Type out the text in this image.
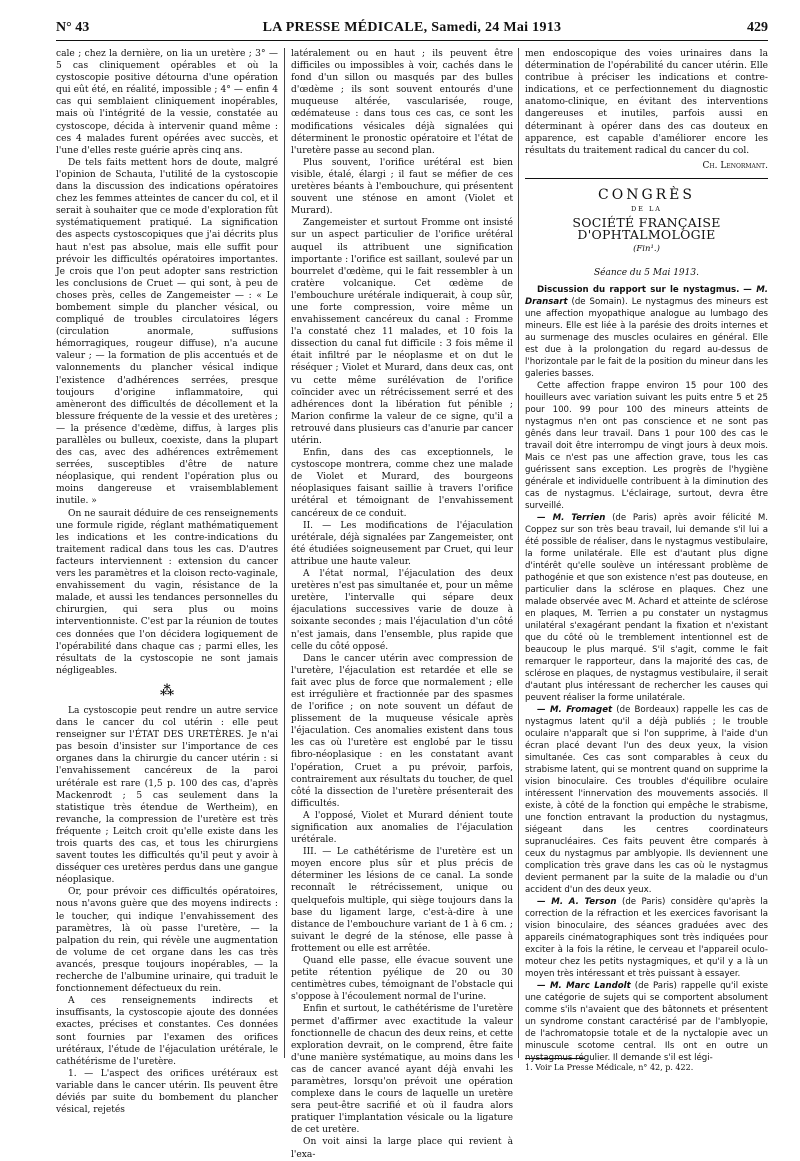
N° 43	LA PRESSE MÉDICALE, Samedi, 24 Mai 1913	429

cale ; chez la dernière, on lia un uretère ; 3° — 5 cas cliniquement opérables et où la cystoscopie positive détourna d'une opération qui eût été, en réalité, impossible ; 4° — enfin 4 cas qui semblaient cliniquement inopérables, mais où l'intégrité de la vessie, constatée au cystoscope, décida à intervenir quand même : ces 4 malades furent opérées avec succès, et l'une d'elles reste guérie après cinq ans.

De tels faits mettent hors de doute, malgré l'opinion de Schauta, l'utilité de la cystoscopie dans la discussion des indications opératoires chez les femmes atteintes de cancer du col, et il serait à souhaiter que ce mode d'exploration fût systématiquement pratiqué. La signification des aspects cystoscopiques que j'ai décrits plus haut n'est pas absolue, mais elle suffit pour prévoir les difficultés opératoires importantes. Je crois que l'on peut adopter sans restriction les conclusions de Cruet — qui sont, à peu de choses près, celles de Zangemeister — : « Le bombement simple du plancher vésical, ou compliqué de troubles circulatoires légers (circulation anormale, suffusions hémorragiques, rougeur diffuse), n'a aucune valeur ; — la formation de plis accentués et de valonnements du plancher vésical indique l'existence d'adhérences serrées, presque toujours d'origine inflammatoire, qui amèneront des difficultés de décollement et la blessure fréquente de la vessie et des uretères ; — la présence d'œdème, diffus, à larges plis parallèles ou bulleux, coexiste, dans la plupart des cas, avec des adhérences extrêmement serrées, susceptibles d'être de nature néoplasique, qui rendent l'opération plus ou moins dangereuse et vraisemblablement inutile. »

On ne saurait déduire de ces renseignements une formule rigide, réglant mathématiquement les indications et les contre-indications du traitement radical dans tous les cas. D'autres facteurs interviennent : extension du cancer vers les paramètres et la cloison recto-vaginale, envahissement du vagin, résistance de la malade, et aussi les tendances personnelles du chirurgien, qui sera plus ou moins interventionniste. C'est par la réunion de toutes ces données que l'on décidera logiquement de l'opérabilité dans chaque cas ; parmi elles, les résultats de la cystoscopie ne sont jamais négligeables.

⁂

La cystoscopie peut rendre un autre service dans le cancer du col utérin : elle peut renseigner sur l'ÉTAT DES URETÈRES. Je n'ai pas besoin d'insister sur l'importance de ces organes dans la chirurgie du cancer utérin : si l'envahissement cancéreux de la paroi urétérale est rare (1,5 p. 100 des cas, d'après Mackenrodt ; 5 cas seulement dans la statistique très étendue de Wertheim), en revanche, la compression de l'uretère est très fréquente ; Leitch croit qu'elle existe dans les trois quarts des cas, et tous les chirurgiens savent toutes les difficultés qu'il peut y avoir à disséquer ces uretères perdus dans une gangue néoplasique.

Or, pour prévoir ces difficultés opératoires, nous n'avons guère que des moyens indirects : le toucher, qui indique l'envahissement des paramètres, là où passe l'uretère, — la palpation du rein, qui révèle une augmentation de volume de cet organe dans les cas très avancés, presque toujours inopérables, — la recherche de l'albumine urinaire, qui traduit le fonctionnement défectueux du rein.

A ces renseignements indirects et insuffisants, la cystoscopie ajoute des données exactes, précises et constantes. Ces données sont fournies par l'examen des orifices urétéraux, l'étude de l'éjaculation urétérale, le cathétérisme de l'uretère.

1. — L'aspect des orifices urétéraux est variable dans le cancer utérin. Ils peuvent être déviés par suite du bombement du plancher vésical, rejetés

latéralement ou en haut ; ils peuvent être difficiles ou impossibles à voir, cachés dans le fond d'un sillon ou masqués par des bulles d'œdème ; ils sont souvent entourés d'une muqueuse altérée, vascularisée, rouge, œdémateuse : dans tous ces cas, ce sont les modifications vésicales déjà signalées qui déterminent le pronostic opératoire et l'état de l'uretère passe au second plan.

Plus souvent, l'orifice urétéral est bien visible, étalé, élargi ; il faut se méfier de ces uretères béants à l'embouchure, qui présentent souvent une sténose en amont (Violet et Murard).

Zangemeister et surtout Fromme ont insisté sur un aspect particulier de l'orifice urétéral auquel ils attribuent une signification importante : l'orifice est saillant, soulevé par un bourrelet d'œdème, qui le fait ressembler à un cratère volcanique. Cet œdème de l'embouchure urétérale indiquerait, à coup sûr, une forte compression, voire même un envahissement cancéreux du canal : Fromme l'a constaté chez 11 malades, et 10 fois la dissection du canal fut difficile : 3 fois même il était infiltré par le néoplasme et on dut le réséquer ; Violet et Murard, dans deux cas, ont vu cette même surélévation de l'orifice coïncider avec un rétrécissement serré et des adhérences dont la libération fut pénible ; Marion confirme la valeur de ce signe, qu'il a retrouvé dans plusieurs cas d'anurie par cancer utérin.

Enfin, dans des cas exceptionnels, le cystoscope montrera, comme chez une malade de Violet et Murard, des bourgeons néoplasiques faisant saillie à travers l'orifice urétéral et témoignant de l'envahissement cancéreux de ce conduit.

II. — Les modifications de l'éjaculation urétérale, déjà signalées par Zangemeister, ont été étudiées soigneusement par Cruet, qui leur attribue une haute valeur.

A l'état normal, l'éjaculation des deux uretères n'est pas simultanée et, pour un même uretère, l'intervalle qui sépare deux éjaculations successives varie de douze à soixante secondes ; mais l'éjaculation d'un côté n'est jamais, dans l'ensemble, plus rapide que celle du côté opposé.

Dans le cancer utérin avec compression de l'uretère, l'éjaculation est retardée et elle se fait avec plus de force que normalement ; elle est irrégulière et fractionnée par des spasmes de l'orifice ; on note souvent un défaut de plissement de la muqueuse vésicale après l'éjaculation. Ces anomalies existent dans tous les cas où l'uretère est englobé par le tissu fibro-néoplasique : en les constatant avant l'opération, Cruet a pu prévoir, parfois, contrairement aux résultats du toucher, de quel côté la dissection de l'uretère présenterait des difficultés.

A l'opposé, Violet et Murard dénient toute signification aux anomalies de l'éjaculation urétérale.

III. — Le cathétérisme de l'uretère est un moyen encore plus sûr et plus précis de déterminer les lésions de ce canal. La sonde reconnaît le rétrécissement, unique ou quelquefois multiple, qui siège toujours dans la base du ligament large, c'est-à-dire à une distance de l'embouchure variant de 1 à 6 cm. ; suivant le degré de la sténose, elle passe à frottement ou elle est arrêtée.

Quand elle passe, elle évacue souvent une petite rétention pyélique de 20 ou 30 centimètres cubes, témoignant de l'obstacle qui s'oppose à l'écoulement normal de l'urine.

Enfin et surtout, le cathétérisme de l'uretère permet d'affirmer avec exactitude la valeur fonctionnelle de chacun des deux reins, et cette exploration devrait, on le comprend, être faite d'une manière systématique, au moins dans les cas de cancer avancé ayant déjà envahi les paramètres, lorsqu'on prévoit une opération complexe dans le cours de laquelle un uretère sera peut-être sacrifié et où il faudra alors pratiquer l'implantation vésicale ou la ligature de cet uretère.

On voit ainsi la large place qui revient à l'exa-

men endoscopique des voies urinaires dans la détermination de l'opérabilité du cancer utérin. Elle contribue à préciser les indications et contre-indications, et ce perfectionnement du diagnostic anatomo-clinique, en évitant des interventions dangereuses et inutiles, parfois aussi en déterminant à opérer dans des cas douteux en apparence, est capable d'améliorer encore les résultats du traitement radical du cancer du col.

Ch. Lenormant.
CONGRÈS
DE LA
SOCIÉTÉ FRANÇAISE D'OPHTALMOLOGIE
(Fin¹.)
Séance du 5 Mai 1913.

Discussion du rapport sur le nystagmus. — M. Dransart (de Somain). Le nystagmus des mineurs est une affection myopathique analogue au lumbago des mineurs. Elle est liée à la parésie des droits internes et au surmenage des muscles oculaires en général. Elle est due à la prolongation du regard au-dessus de l'horizontale par le fait de la position du mineur dans les galeries basses.

Cette affection frappe environ 15 pour 100 des houilleurs avec variation suivant les puits entre 5 et 25 pour 100. 99 pour 100 des mineurs atteints de nystagmus n'en ont pas conscience et ne sont pas gênés dans leur travail. Dans 1 pour 100 des cas le travail doit être interrompu de vingt jours à deux mois. Mais ce n'est pas une affection grave, tous les cas guérissent sans exception. Les progrès de l'hygiène générale et individuelle contribuent à la diminution des cas de nystagmus. L'éclairage, surtout, devra être surveillé.

— M. Terrien (de Paris) après avoir félicité M. Coppez sur son très beau travail, lui demande s'il lui a été possible de réaliser, dans le nystagmus vestibulaire, la forme unilatérale. Elle est d'autant plus digne d'intérêt qu'elle soulève un intéressant problème de pathogénie et que son existence n'est pas douteuse, en particulier dans la sclérose en plaques. Chez une malade observée avec M. Achard et atteinte de sclérose en plaques, M. Terrien a pu constater un nystagmus unilatéral s'exagérant pendant la fixation et n'existant que du côté où le tremblement intentionnel est de beaucoup le plus marqué. S'il s'agit, comme le fait remarquer le rapporteur, dans la majorité des cas, de sclérose en plaques, de nystagmus vestibulaire, il serait d'autant plus intéressant de rechercher les causes qui peuvent réaliser la forme unilatérale.

— M. Fromaget (de Bordeaux) rappelle les cas de nystagmus latent qu'il a déjà publiés ; le trouble oculaire n'apparaît que si l'on supprime, à l'aide d'un écran placé devant l'un des deux yeux, la vision simultanée. Ces cas sont comparables à ceux du strabisme latent, qui se montrent quand on supprime la vision binoculaire. Ces troubles d'équilibre oculaire intéressent l'innervation des mouvements associés. Il existe, à côté de la fonction qui empêche le strabisme, une fonction entravant la production du nystagmus, siégeant dans les centres coordinateurs supranucléaires. Ces faits peuvent être comparés à ceux du nystagmus par amblyopie. Ils deviennent une complication très grave dans les cas où le nystagmus devient permanent par la suite de la maladie ou d'un accident d'un des deux yeux.

— M. A. Terson (de Paris) considère qu'après la correction de la réfraction et les exercices favorisant la vision binoculaire, des séances graduées avec des appareils cinématographiques sont très indiquées pour exciter à la fois la rétine, le cerveau et l'appareil oculo-moteur chez les petits nystagmiques, et qu'il y a là un moyen très intéressant et très puissant à essayer.

— M. Marc Landolt (de Paris) rappelle qu'il existe une catégorie de sujets qui se comportent absolument comme s'ils n'avaient que des bâtonnets et présentent un syndrome constant caractérisé par de l'amblyopie, de l'achromatopsie totale et de la nyctalopie avec un minuscule scotome central. Ils ont en outre un nystagmus régulier. Il demande s'il est légi-

1. Voir La Presse Médicale, n° 42, p. 422.
